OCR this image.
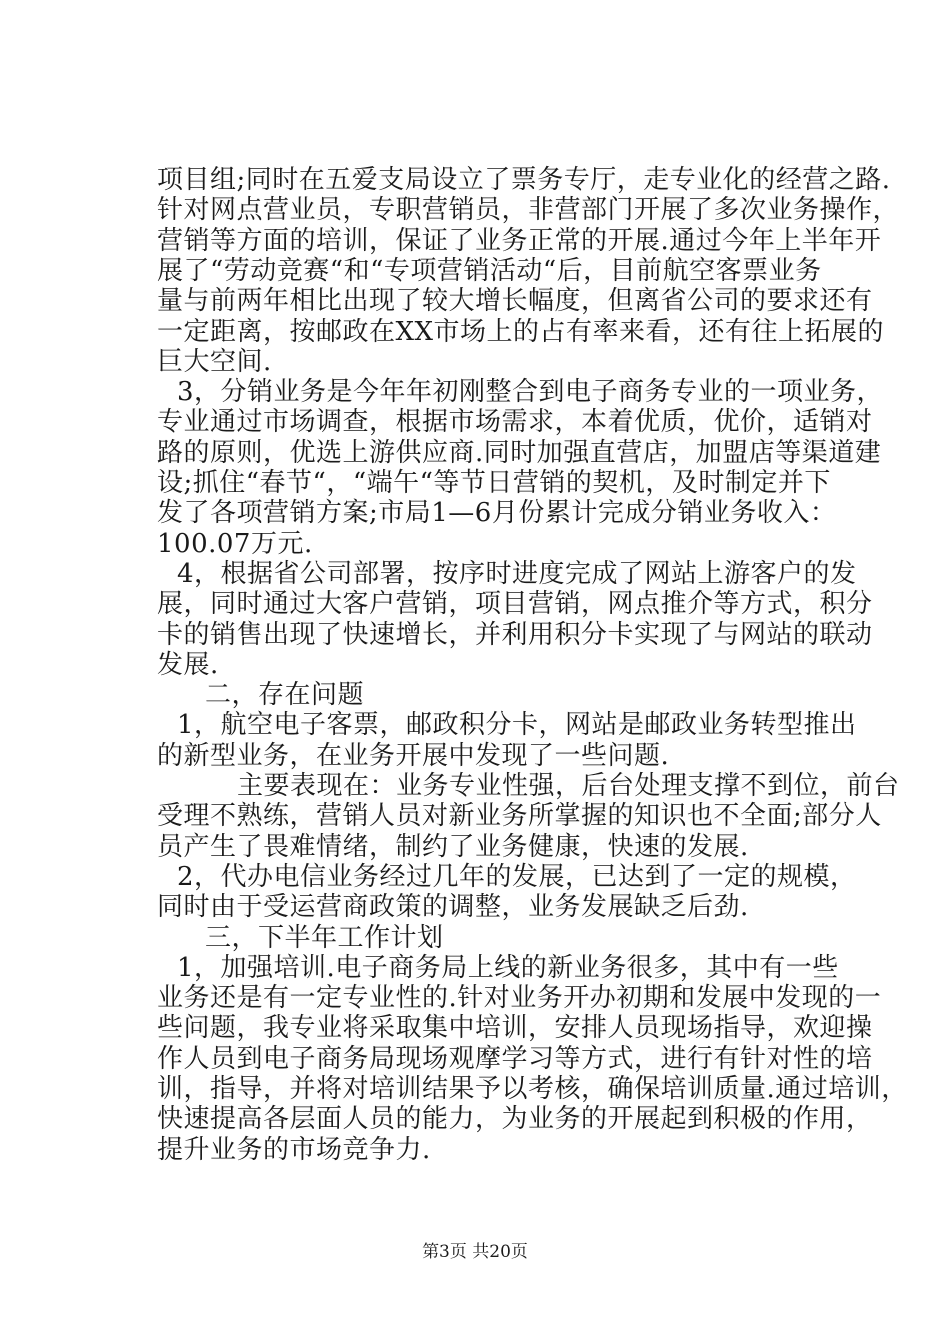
项目组;同时在五爱支局设立了票务专厅，走专业化的经营之路.
针对网点营业员，专职营销员，非营部门开展了多次业务操作，
营销等方面的培训，保证了业务正常的开展.通过今年上半年开
展了“劳动竞赛“和“专项营销活动“后，目前航空客票业务
量与前两年相比出现了较大增长幅度，但离省公司的要求还有
一定距离，按邮政在XX市场上的占有率来看，还有往上拓展的
巨大空间.
3，分销业务是今年年初刚整合到电子商务专业的一项业务，
专业通过市场调查，根据市场需求，本着优质，优价，适销对
路的原则，优选上游供应商.同时加强直营店，加盟店等渠道建
设;抓住“春节“，“端午“等节日营销的契机，及时制定并下
发了各项营销方案;市局1—6月份累计完成分销业务收入：
100.07万元.
4，根据省公司部署，按序时进度完成了网站上游客户的发
展，同时通过大客户营销，项目营销，网点推介等方式，积分
卡的销售出现了快速增长，并利用积分卡实现了与网站的联动
发展.
二，存在问题
1，航空电子客票，邮政积分卡，网站是邮政业务转型推出
的新型业务，在业务开展中发现了一些问题.
主要表现在：业务专业性强，后台处理支撑不到位，前台
受理不熟练，营销人员对新业务所掌握的知识也不全面;部分人
员产生了畏难情绪，制约了业务健康，快速的发展.
2，代办电信业务经过几年的发展，已达到了一定的规模，
同时由于受运营商政策的调整，业务发展缺乏后劲.
三，下半年工作计划
1，加强培训.电子商务局上线的新业务很多，其中有一些
业务还是有一定专业性的.针对业务开办初期和发展中发现的一
些问题，我专业将采取集中培训，安排人员现场指导，欢迎操
作人员到电子商务局现场观摩学习等方式，进行有针对性的培
训，指导，并将对培训结果予以考核，确保培训质量.通过培训，
快速提高各层面人员的能力，为业务的开展起到积极的作用，
提升业务的市场竞争力.
第3页 共20页
